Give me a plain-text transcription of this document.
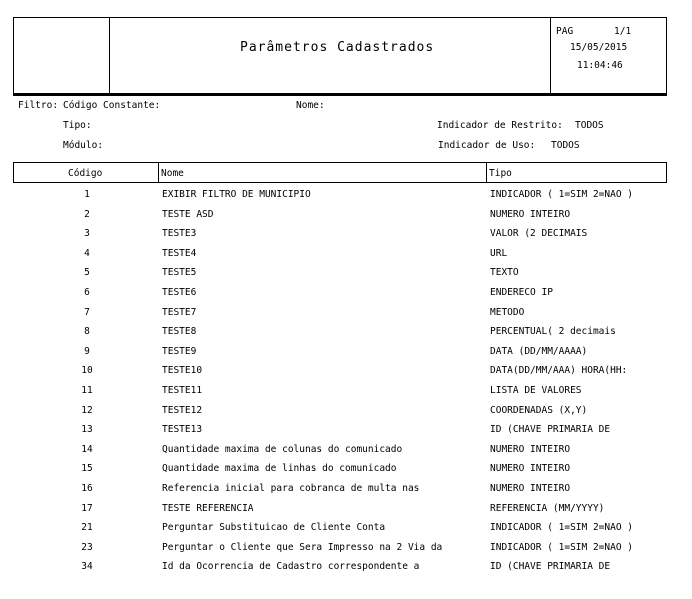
Parâmetros Cadastrados
PAG	1/1
15/05/2015
11:04:46
Filtro: Código Constante:	Nome:
Tipo:	Indicador de Restrito: TODOS
Módulo:	Indicador de Uso: TODOS
Código	Nome	Tipo
1	EXIBIR FILTRO DE MUNICIPIO	INDICADOR ( 1=SIM 2=NAO )
2	TESTE ASD	NUMERO INTEIRO
3	TESTE3	VALOR (2 DECIMAIS
4	TESTE4	URL
5	TESTE5	TEXTO
6	TESTE6	ENDERECO IP
7	TESTE7	METODO
8	TESTE8	PERCENTUAL( 2 decimais
9	TESTE9	DATA (DD/MM/AAAA)
10	TESTE10	DATA(DD/MM/AAA) HORA(HH:
11	TESTE11	LISTA DE VALORES
12	TESTE12	COORDENADAS (X,Y)
13	TESTE13	ID (CHAVE PRIMARIA DE
14	Quantidade maxima de colunas do comunicado	NUMERO INTEIRO
15	Quantidade maxima de linhas do comunicado	NUMERO INTEIRO
16	Referencia inicial para cobranca de multa nas	NUMERO INTEIRO
17	TESTE REFERENCIA	REFERENCIA (MM/YYYY)
21	Perguntar Substituicao de Cliente Conta	INDICADOR ( 1=SIM 2=NAO )
23	Perguntar o Cliente que Sera Impresso na 2 Via da	INDICADOR ( 1=SIM 2=NAO )
34	Id da Ocorrencia de Cadastro correspondente a	ID (CHAVE PRIMARIA DE
